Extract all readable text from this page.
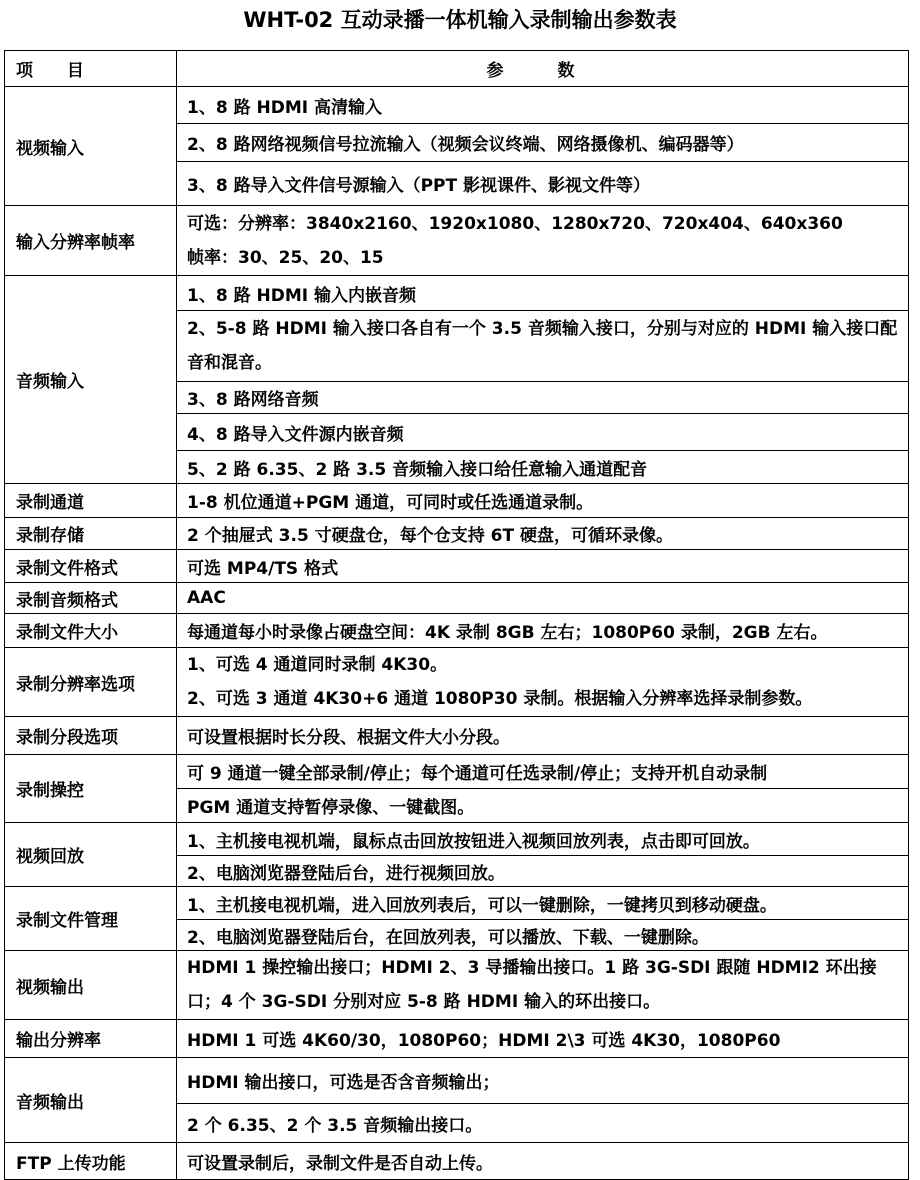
WHT-02 互动录播一体机输入录制输出参数表
项 目	参 数
视频输入	1、8 路 HDMI 高清输入
	2、8 路网络视频信号拉流输入（视频会议终端、网络摄像机、编码器等）
	3、8 路导入文件信号源输入（PPT 影视课件、影视文件等）
输入分辨率帧率	可选：分辨率：3840x2160、1920x1080、1280x720、720x404、640x360
帧率：30、25、20、15
音频输入	1、8 路 HDMI 输入内嵌音频
	2、5-8 路 HDMI 输入接口各自有一个 3.5 音频输入接口，分别与对应的 HDMI 输入接口配音和混音。
	3、8 路网络音频
	4、8 路导入文件源内嵌音频
	5、2 路 6.35、2 路 3.5 音频输入接口给任意输入通道配音
录制通道	1-8 机位通道+PGM 通道，可同时或任选通道录制。
录制存储	2 个抽屉式 3.5 寸硬盘仓，每个仓支持 6T 硬盘，可循环录像。
录制文件格式	可选 MP4/TS 格式
录制音频格式	AAC
录制文件大小	每通道每小时录像占硬盘空间：4K 录制 8GB 左右；1080P60 录制，2GB 左右。
录制分辨率选项	1、可选 4 通道同时录制 4K30。
2、可选 3 通道 4K30+6 通道 1080P30 录制。根据输入分辨率选择录制参数。
录制分段选项	可设置根据时长分段、根据文件大小分段。
录制操控	可 9 通道一键全部录制/停止；每个通道可任选录制/停止；支持开机自动录制
	PGM 通道支持暂停录像、一键截图。
视频回放	1、主机接电视机端，鼠标点击回放按钮进入视频回放列表，点击即可回放。
	2、电脑浏览器登陆后台，进行视频回放。
录制文件管理	1、主机接电视机端，进入回放列表后，可以一键删除，一键拷贝到移动硬盘。
	2、电脑浏览器登陆后台，在回放列表，可以播放、下载、一键删除。
视频输出	HDMI 1 操控输出接口；HDMI 2、3 导播输出接口。1 路 3G-SDI 跟随 HDMI2 环出接口；4 个 3G-SDI 分别对应 5-8 路 HDMI 输入的环出接口。
输出分辨率	HDMI 1 可选 4K60/30，1080P60；HDMI 2\3 可选 4K30，1080P60
音频输出	HDMI 输出接口，可选是否含音频输出；
	2 个 6.35、2 个 3.5 音频输出接口。
FTP 上传功能	可设置录制后，录制文件是否自动上传。
